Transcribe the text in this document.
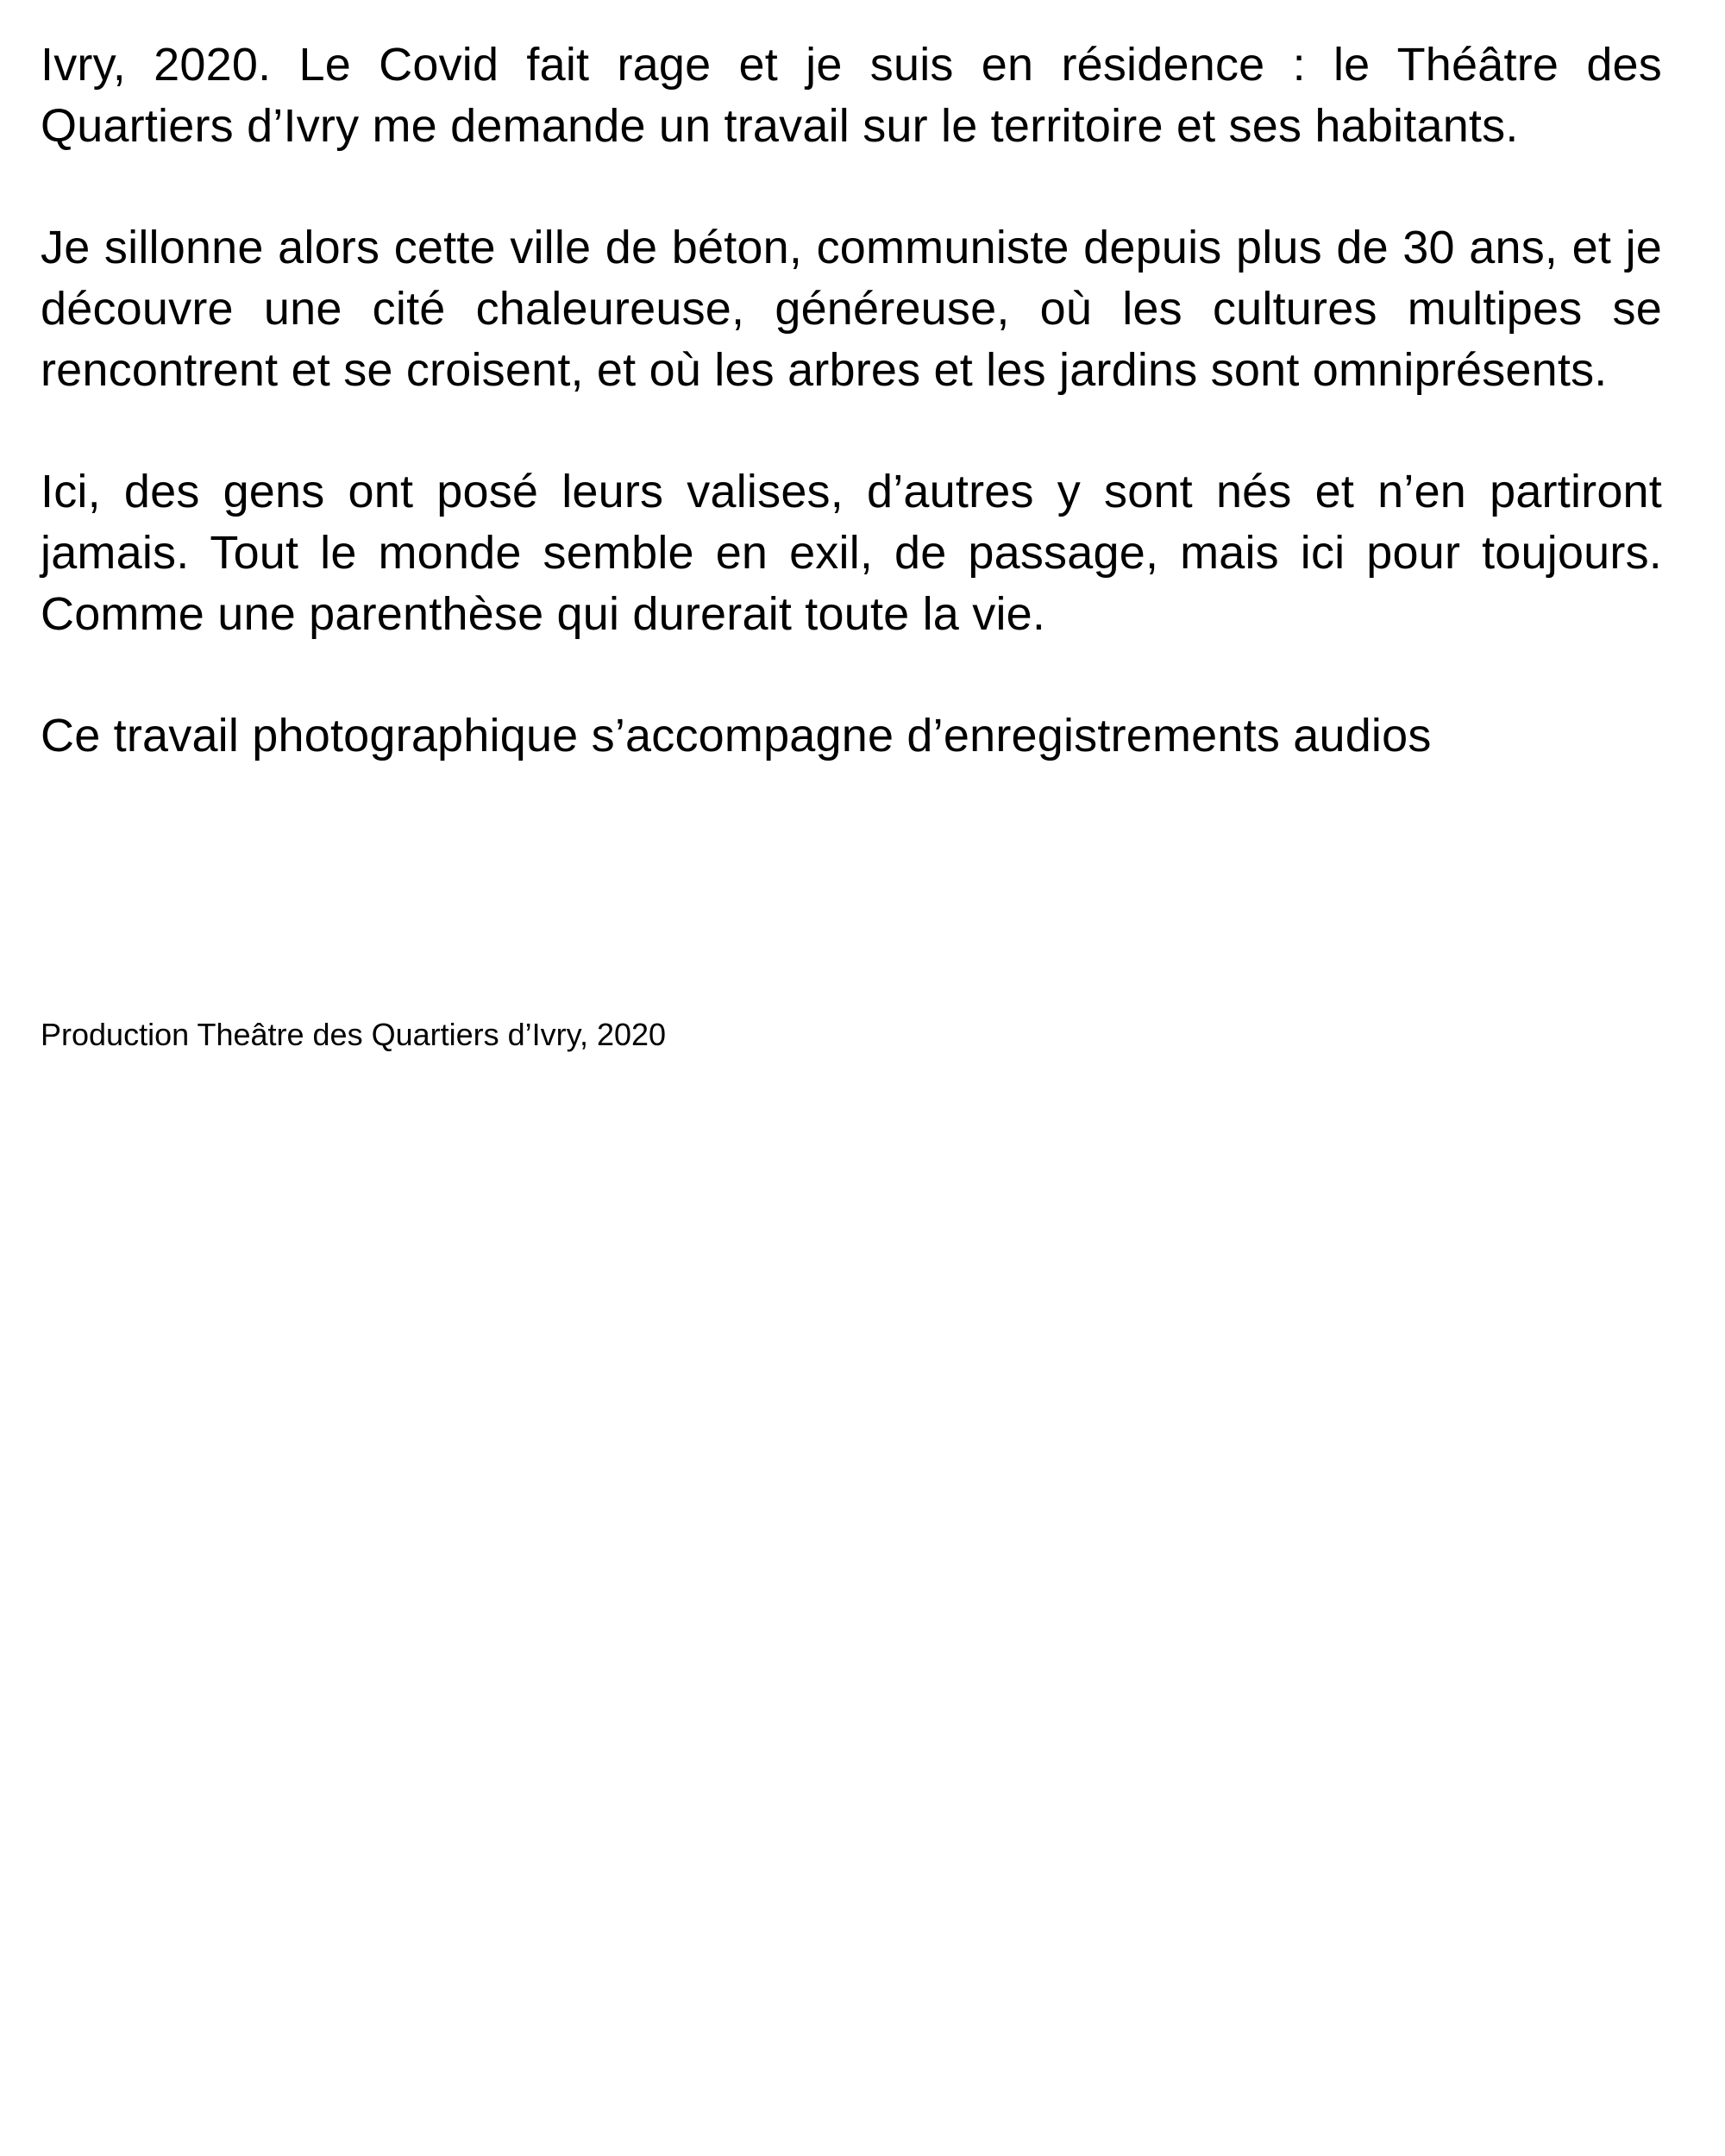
Ivry, 2020. Le Covid fait rage et je suis en résidence : le Théâtre des Quartiers d’Ivry me demande un travail sur le territoire et ses habitants.

Je sillonne alors cette ville de béton, communiste depuis plus de 30 ans, et je découvre une cité chaleureuse, généreuse, où les cultures multipes se rencontrent et se croisent, et où les arbres et les jardins sont omniprésents.

Ici, des gens ont posé leurs valises, d’autres y sont nés et n’en partiront jamais. Tout le monde semble en exil, de passage, mais ici pour toujours. Comme une parenthèse qui durerait toute la vie.

Ce travail photographique s’accompagne d’enregistrements audios

Production Theâtre des Quartiers d’Ivry, 2020
